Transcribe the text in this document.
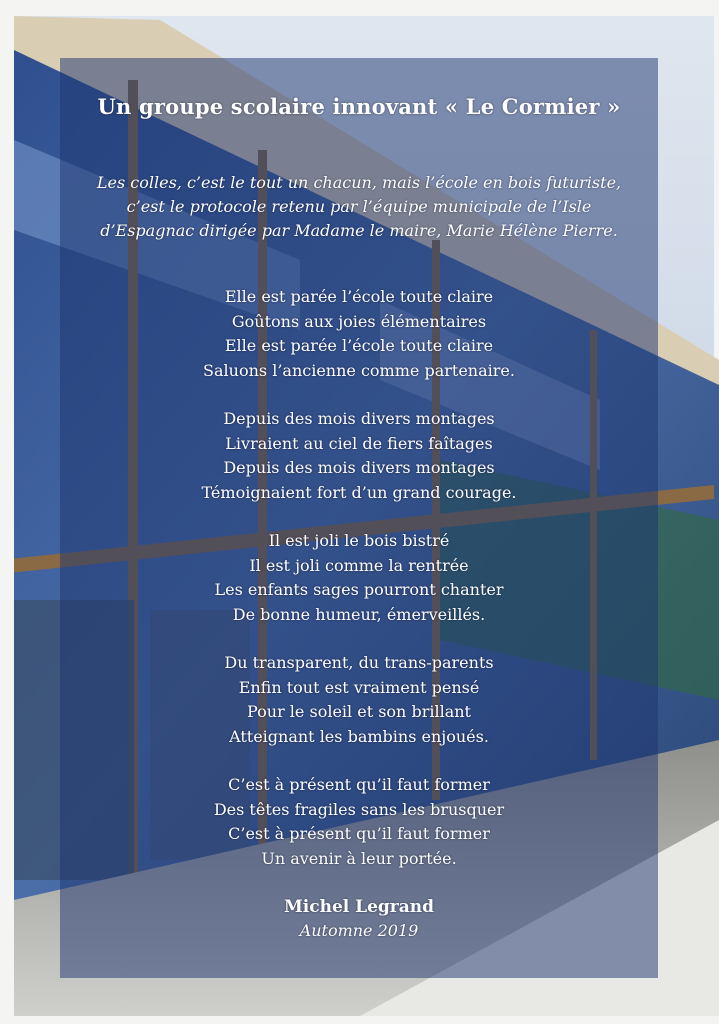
Un groupe scolaire innovant « Le Cormier »
Les colles, c’est le tout un chacun, mais l’école en bois futuriste, c’est le protocole retenu par l’équipe municipale de l’Isle d’Espagnac dirigée par Madame le maire, Marie Hélène Pierre.
Elle est parée l’école toute claire
Goûtons aux joies élémentaires
Elle est parée l’école toute claire
Saluons l’ancienne comme partenaire.
Depuis des mois divers montages
Livraient au ciel de fiers faîtages
Depuis des mois divers montages
Témoignaient fort d’un grand courage.
Il est joli le bois bistré
Il est joli comme la rentrée
Les enfants sages pourront chanter
De bonne humeur, émerveillés.
Du transparent, du trans-parents
Enfin tout est vraiment pensé
Pour le soleil et son brillant
Atteignant les bambins enjoués.
C’est à présent qu’il faut former
Des têtes fragiles sans les brusquer
C’est à présent qu’il faut former
Un avenir à leur portée.
Michel Legrand
Automne 2019
